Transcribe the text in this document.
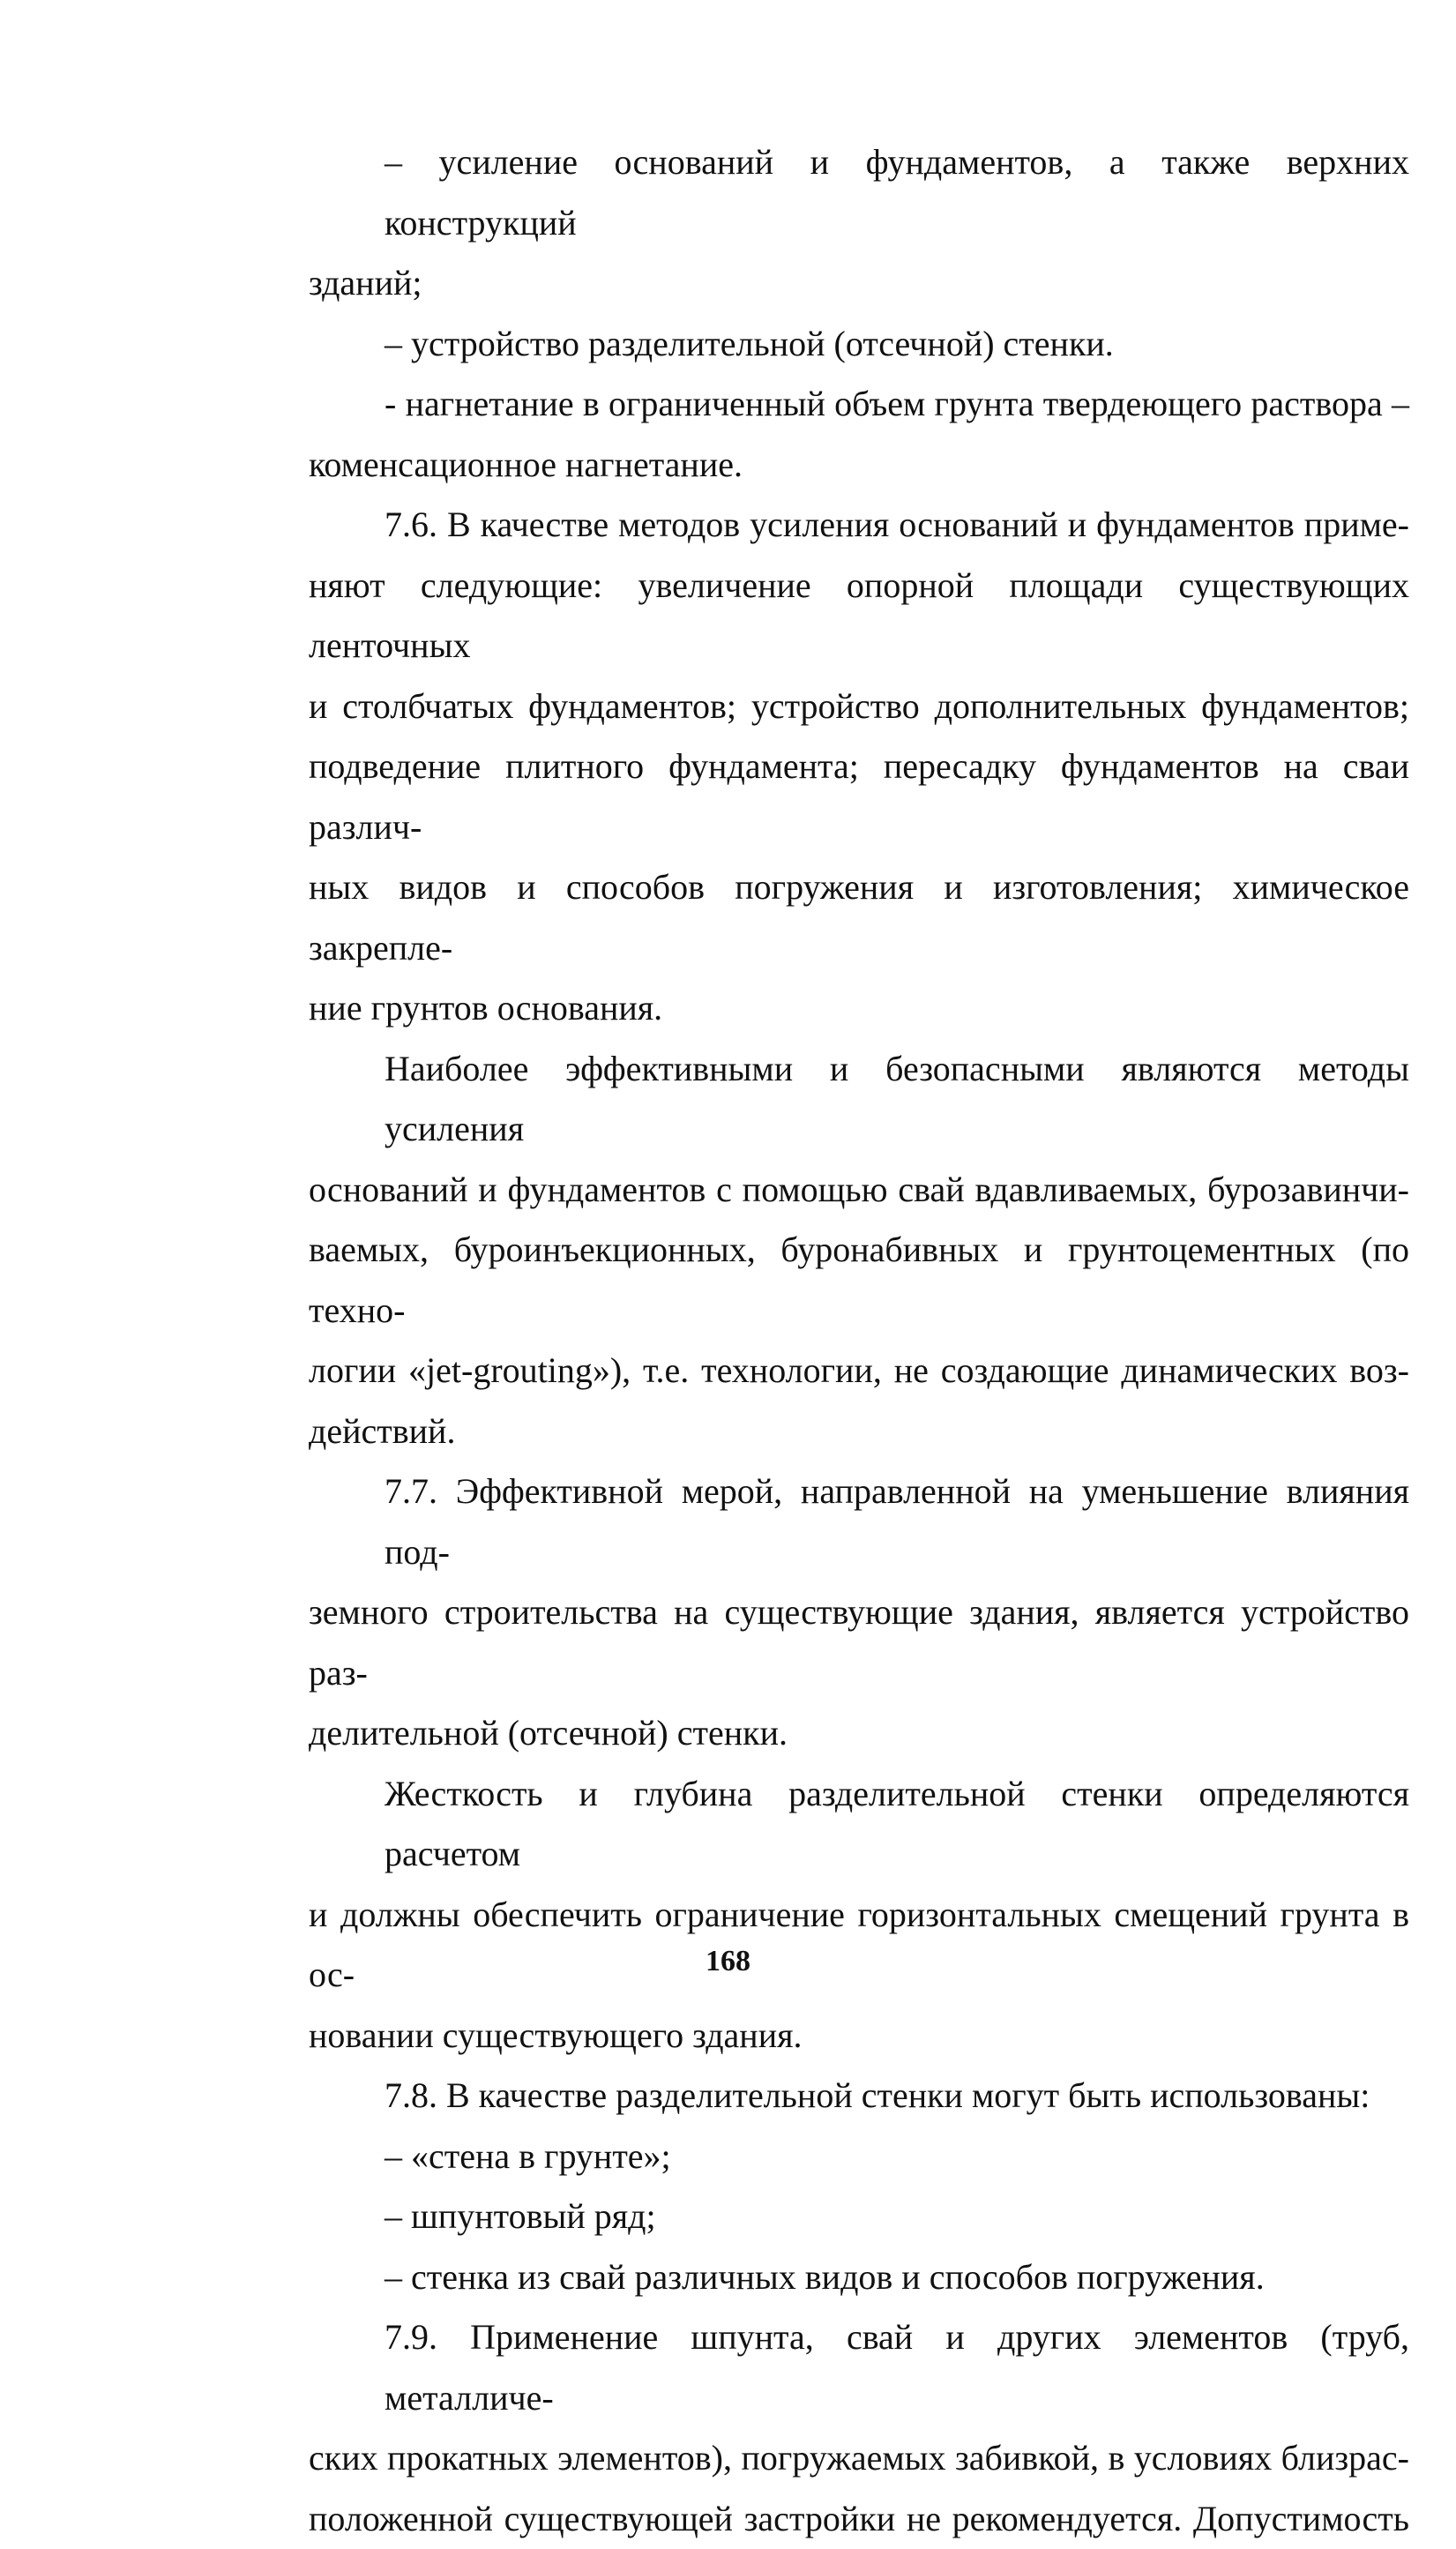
– усиление оснований и фундаментов, а также верхних конструкций
зданий;
– устройство разделительной (отсечной) стенки.
- нагнетание в ограниченный объем грунта твердеющего раствора –
комeнсационное нагнетание.
7.6. В качестве методов усиления оснований и фундаментов приме-
няют следующие: увеличение опорной площади существующих ленточных
и столбчатых фундаментов; устройство дополнительных фундаментов;
подведение плитного фундамента; пересадку фундаментов на сваи различ-
ных видов и способов погружения и изготовления; химическое закрепле-
ние грунтов основания.
Наиболее эффективными и безопасными являются методы усиления
оснований и фундаментов с помощью свай вдавливаемых, бурозавинчи-
ваемых, буроинъекционных, буронабивных и грунтоцементных (по техно-
логии «jet-grouting»), т.е. технологии, не создающие динамических воз-
действий.
7.7. Эффективной мерой, направленной на уменьшение влияния под-
земного строительства на существующие здания, является устройство раз-
делительной (отсечной) стенки.
Жесткость и глубина разделительной стенки определяются расчетом
и должны обеспечить ограничение горизонтальных смещений грунта в ос-
новании существующего здания.
7.8. В качестве разделительной стенки могут быть использованы:
– «стена в грунте»;
– шпунтовый ряд;
– стенка из свай различных видов и способов погружения.
7.9. Применение шпунта, свай и других элементов (труб, металличе-
ских прокатных элементов), погружаемых забивкой, в условиях близрас-
положенной существующей застройки не рекомендуется. Допустимость
168
